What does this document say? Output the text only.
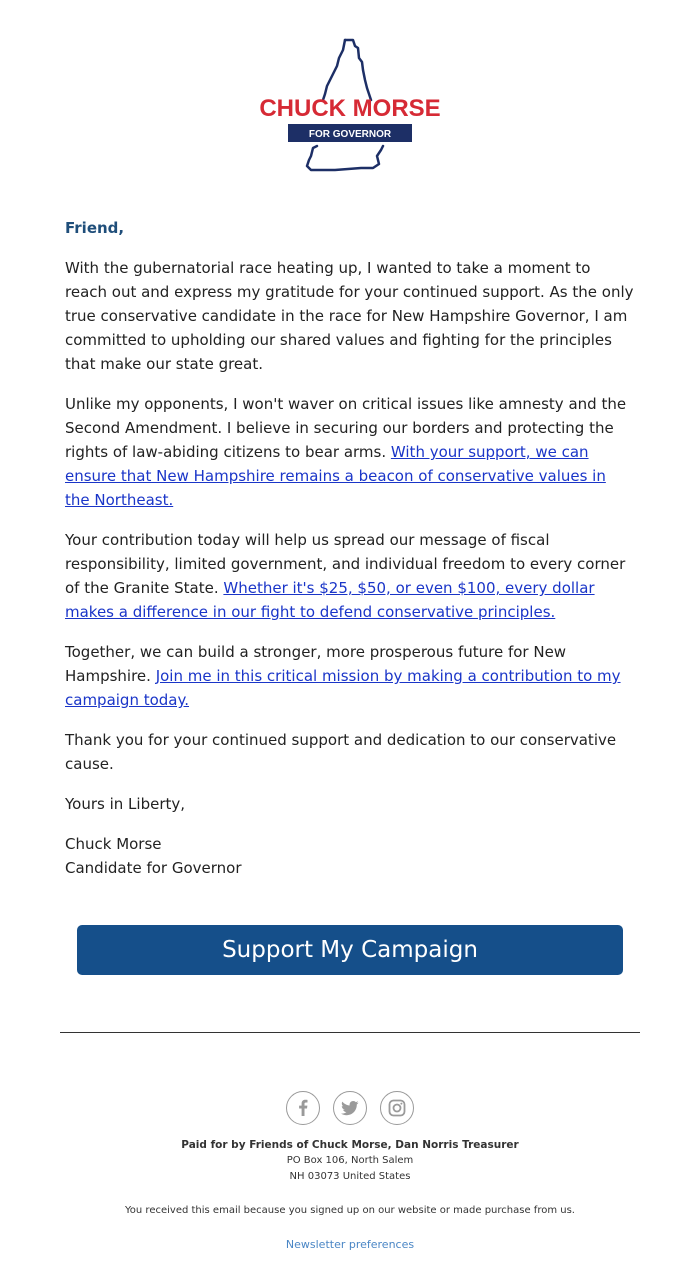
CHUCK MORSE
FOR GOVERNOR

Friend,

With the gubernatorial race heating up, I wanted to take a moment to reach out and express my gratitude for your continued support. As the only true conservative candidate in the race for New Hampshire Governor, I am committed to upholding our shared values and fighting for the principles that make our state great.

Unlike my opponents, I won't waver on critical issues like amnesty and the Second Amendment. I believe in securing our borders and protecting the rights of law-abiding citizens to bear arms. With your support, we can ensure that New Hampshire remains a beacon of conservative values in the Northeast.

Your contribution today will help us spread our message of fiscal responsibility, limited government, and individual freedom to every corner of the Granite State. Whether it's $25, $50, or even $100, every dollar makes a difference in our fight to defend conservative principles.

Together, we can build a stronger, more prosperous future for New Hampshire. Join me in this critical mission by making a contribution to my campaign today.

Thank you for your continued support and dedication to our conservative cause.

Yours in Liberty,

Chuck Morse
Candidate for Governor

Support My Campaign

Paid for by Friends of Chuck Morse, Dan Norris Treasurer
PO Box 106, North Salem
NH 03073 United States
You received this email because you signed up on our website or made purchase from us.
Newsletter preferences
